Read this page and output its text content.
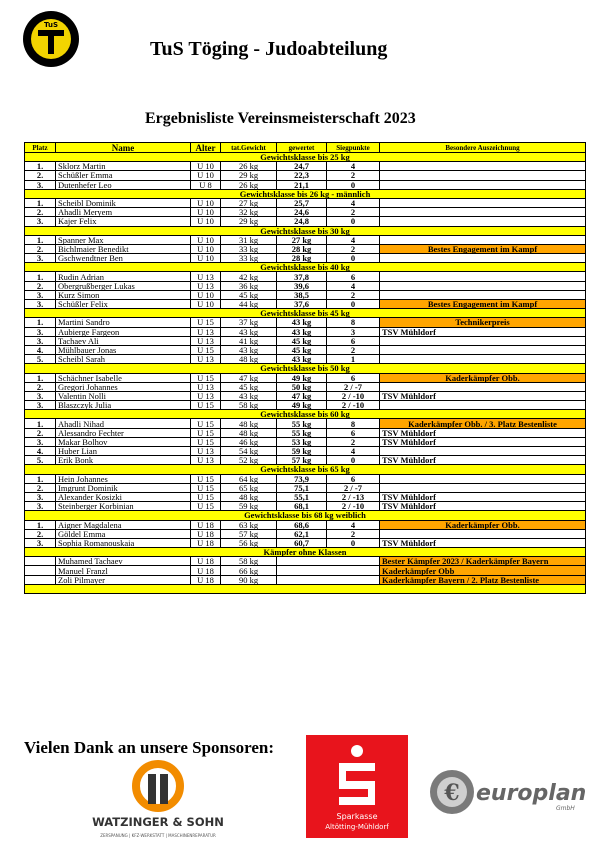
TuS
TuS Töging - Judoabteilung
Ergebnisliste Vereinsmeisterschaft 2023
Platz	Name	Alter	tat.Gewicht	gewertet	Siegpunkte	Besondere Auszeichnung
Gewichtsklasse bis 25 kg						
1.	Sklorz Martin	U 10	26 kg	24,7	4	
2.	Schüßler Emma	U 10	29 kg	22,3	2	
3.	Dutenhefer Leo	U 8	26 kg	21,1	0	
Gewichtsklasse bis 26 kg - männlich						
1.	Scheibl Dominik	U 10	27 kg	25,7	4	
2.	Ahadli Meryem	U 10	32 kg	24,6	2	
3.	Kajer Felix	U 10	29 kg	24,8	0	
Gewichtsklasse bis 30 kg						
1.	Spanner Max	U 10	31 kg	27 kg	4	
2.	Bichlmaier Benedikt	U 10	33 kg	28 kg	2	Bestes Engagement im Kampf
3.	Gschwendtner Ben	U 10	33 kg	28 kg	0	
Gewichtsklasse bis 40 kg						
1.	Rudin Adrian	U 13	42 kg	37,8	6	
2.	Obergrußberger Lukas	U 13	36 kg	39,6	4	
3.	Kurz Simon	U 10	45 kg	38,5	2	
3.	Schüßler Felix	U 10	44 kg	37,6	0	Bestes Engagement im Kampf
Gewichtsklasse bis 45 kg						
1.	Martini Sandro	U 15	37 kg	43 kg	8	Technikerpreis
3.	Aubierge Fargeon	U 13	43 kg	43 kg	3	TSV Mühldorf
3.	Tachaev Ali	U 13	41 kg	45 kg	6	
4.	Mühlbauer Jonas	U 15	43 kg	45 kg	2	
5.	Scheibl Sarah	U 13	48 kg	43 kg	1	
Gewichtsklasse bis 50 kg						
1.	Schächner Isabelle	U 15	47 kg	49 kg	6	Kaderkämpfer Obb.
2.	Gregori Johannes	U 13	45 kg	50 kg	2 / -7	
3.	Valentin Nolli	U 13	43 kg	47 kg	2 / -10	TSV Mühldorf
3.	Blaszczyk Julia	U 15	58 kg	49 kg	2 / -10	
Gewichtsklasse bis 60 kg						
1.	Ahadli Nihad	U 15	48 kg	55 kg	8	Kaderkämpfer Obb. / 3. Platz Bestenliste
2.	Alessandro Fechter	U 15	48 kg	55 kg	6	TSV Mühldorf
3.	Makar Bolhov	U 15	46 kg	53 kg	2	TSV Mühldorf
4.	Huber Lian	U 13	54 kg	59 kg	4	
5.	Erik Bonk	U 13	52 kg	57 kg	0	TSV Mühldorf
Gewichtsklasse bis 65 kg						
1.	Hein Johannes	U 15	64 kg	73,9	6	
2.	Imgrunt Dominik	U 15	65 kg	75,1	2 / -7	
3.	Alexander Kosizki	U 15	48 kg	55,1	2 / -13	TSV Mühldorf
3.	Steinberger Korbinian	U 15	59 kg	68,1	2 / -10	TSV Mühldorf
Gewichtsklasse bis 68 kg weiblich						
1.	Aigner Magdalena	U 18	63 kg	68,6	4	Kaderkämpfer Obb.
2.	Göldel Emma	U 18	57 kg	62,1	2	
3.	Sophia Romanouskaia	U 18	56 kg	60,7	0	TSV Mühldorf
Kämpfer ohne Klassen						
	Muhamed Tachaev	U 18	58 kg			Bester Kämpfer 2023 / Kaderkämpfer Bayern
	Manuel Franzl	U 18	66 kg			Kaderkämpfer Obb
	Zoli Pilmayer	U 18	90 kg			Kaderkämpfer Bayern / 2. Platz Bestenliste

Vielen Dank an unsere Sponsoren:
WATZINGER & SOHN
ZERSPANUNG | KFZ-WERKSTATT | MASCHINENREPARATUR
Sparkasse
Altötting-Mühldorf
€ europlan
GmbH
